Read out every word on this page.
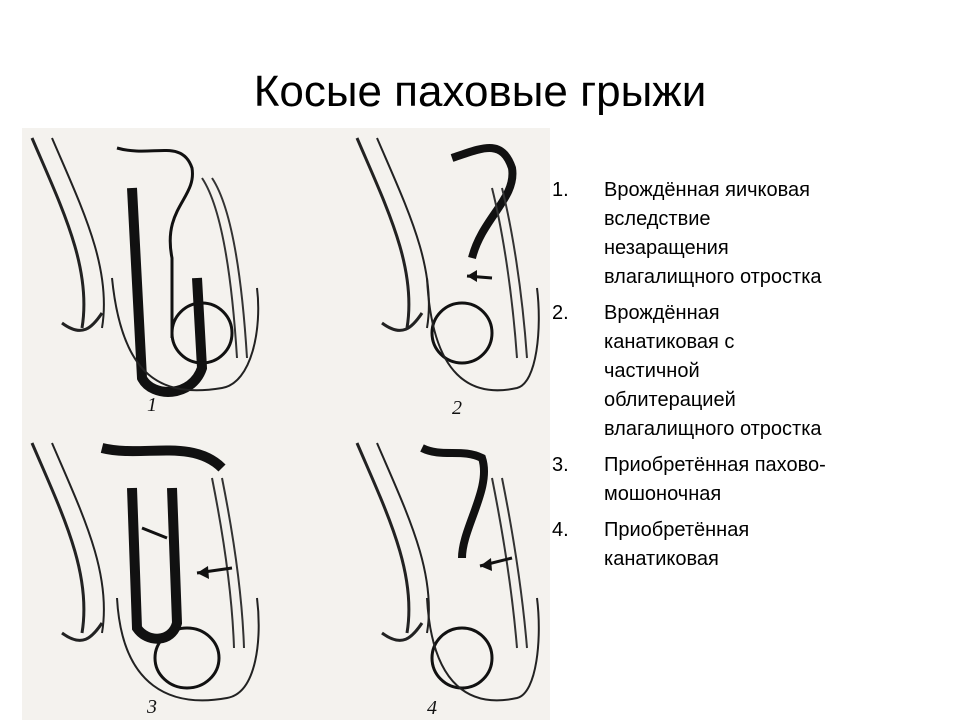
Косые паховые грыжи
1	2
3	4
1.	Врождённая яичковая
вследствие
незаращения
влагалищного отростка
2.	Врождённая
канатиковая с
частичной
облитерацией
влагалищного отростка
3.	Приобретённая пахово-
мошоночная
4.	Приобретённая
канатиковая
